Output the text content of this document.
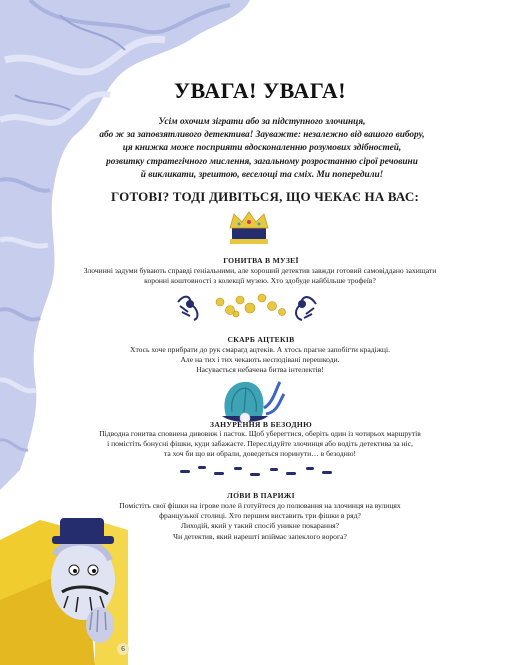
УВАГА! УВАГА!
Усім охочим зіграти або за підступного злочинця,
або ж за заповзятливого детектива! Зауважте: незалежно від вашого вибору,
ця книжка може посприяти вдосконаленню розумових здібностей,
розвитку стратегічного мислення, загальному розростанню сірої речовини
й викликати, зрештою, веселощі та сміх. Ми попередили!
ГОТОВІ? ТОДІ ДИВІТЬСЯ, ЩО ЧЕКАЄ НА ВАС:
ГОНИТВА В МУЗЕЇ
Злочинні задуми бувають справді геніальними, але хороший детектив завжди готовий самовіддано захищати
коронні коштовності з колекції музею. Хто здобуде найбільше трофеїв?
СКАРБ АЦТЕКІВ
Хтось хоче прибрати до рук смарагд ацтеків. А хтось прагне запобігти крадіжці.
Але на тих і тих чекають несподівані перешкоди.
Насувається небачена битва інтелектів!
ЗАНУРЕННЯ В БЕЗОДНЮ
Підводна гонитва сповнена дивовиж і пасток. Щоб уберегтися, оберіть один із чотирьох маршрутів
і помістіть бонусні фішки, куди забажаєте. Переслідуйте злочинця або водіть детектива за ніс,
та хоч би що ви обрали, доведеться поринути… в безодню!
ЛО́ВИ В ПАРИЖІ
Помістіть свої фішки на ігрове поле й готуйтеся до полювання на злочинця на вулицях
французької столиці. Хто першим виставить три фішки в ряд?
Лиходій, який у такий спосіб уникне покарання?
Чи детектив, який нарешті впіймає запеклого ворога?
6
